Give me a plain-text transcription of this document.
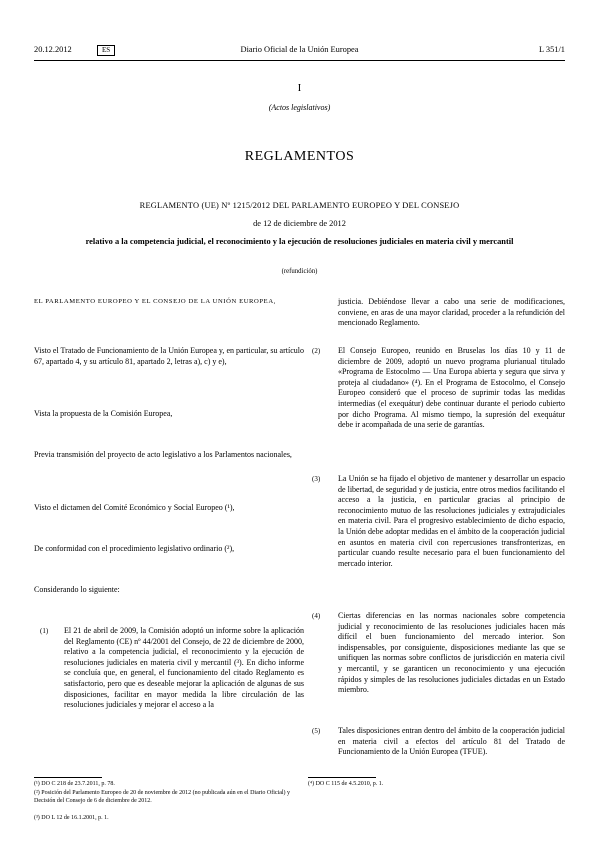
20.12.2012	ES	Diario Oficial de la Unión Europea	L 351/1
I
(Actos legislativos)
REGLAMENTOS
REGLAMENTO (UE) Nº 1215/2012 DEL PARLAMENTO EUROPEO Y DEL CONSEJO
de 12 de diciembre de 2012
relativo a la competencia judicial, el reconocimiento y la ejecución de resoluciones judiciales en materia civil y mercantil
(refundición)
EL PARLAMENTO EUROPEO Y EL CONSEJO DE LA UNIÓN EUROPEA,
Visto el Tratado de Funcionamiento de la Unión Europea y, en particular, su artículo 67, apartado 4, y su artículo 81, apartado 2, letras a), c) y e),
Vista la propuesta de la Comisión Europea,
Previa transmisión del proyecto de acto legislativo a los Parlamentos nacionales,
Visto el dictamen del Comité Económico y Social Europeo (¹),
De conformidad con el procedimiento legislativo ordinario (²),
Considerando lo siguiente:
(1) El 21 de abril de 2009, la Comisión adoptó un informe sobre la aplicación del Reglamento (CE) nº 44/2001 del Consejo, de 22 de diciembre de 2000, relativo a la competencia judicial, el reconocimiento y la ejecución de resoluciones judiciales en materia civil y mercantil (³). En dicho informe se concluía que, en general, el funcionamiento del citado Reglamento es satisfactorio, pero que es deseable mejorar la aplicación de algunas de sus disposiciones, facilitar en mayor medida la libre circulación de las resoluciones judiciales y mejorar el acceso a la
(¹) DO C 218 de 23.7.2011, p. 78.
(²) Posición del Parlamento Europeo de 20 de noviembre de 2012 (no publicada aún en el Diario Oficial) y Decisión del Consejo de 6 de diciembre de 2012.
(³) DO L 12 de 16.1.2001, p. 1.
justicia. Debiéndose llevar a cabo una serie de modificaciones, conviene, en aras de una mayor claridad, proceder a la refundición del mencionado Reglamento.
(2) El Consejo Europeo, reunido en Bruselas los días 10 y 11 de diciembre de 2009, adoptó un nuevo programa plurianual titulado «Programa de Estocolmo — Una Europa abierta y segura que sirva y proteja al ciudadano» (⁴). En el Programa de Estocolmo, el Consejo Europeo consideró que el proceso de suprimir todas las medidas intermedias (el exequátur) debe continuar durante el periodo cubierto por dicho Programa. Al mismo tiempo, la supresión del exequátur debe ir acompañada de una serie de garantías.
(3) La Unión se ha fijado el objetivo de mantener y desarrollar un espacio de libertad, de seguridad y de justicia, entre otros medios facilitando el acceso a la justicia, en particular gracias al principio de reconocimiento mutuo de las resoluciones judiciales y extrajudiciales en materia civil. Para el progresivo establecimiento de dicho espacio, la Unión debe adoptar medidas en el ámbito de la cooperación judicial en asuntos en materia civil con repercusiones transfronterizas, en particular cuando resulte necesario para el buen funcionamiento del mercado interior.
(4) Ciertas diferencias en las normas nacionales sobre competencia judicial y reconocimiento de las resoluciones judiciales hacen más difícil el buen funcionamiento del mercado interior. Son indispensables, por consiguiente, disposiciones mediante las que se unifiquen las normas sobre conflictos de jurisdicción en materia civil y mercantil, y se garanticen un reconocimiento y una ejecución rápidos y simples de las resoluciones judiciales dictadas en un Estado miembro.
(5) Tales disposiciones entran dentro del ámbito de la cooperación judicial en materia civil a efectos del artículo 81 del Tratado de Funcionamiento de la Unión Europea (TFUE).
(⁴) DO C 115 de 4.5.2010, p. 1.
